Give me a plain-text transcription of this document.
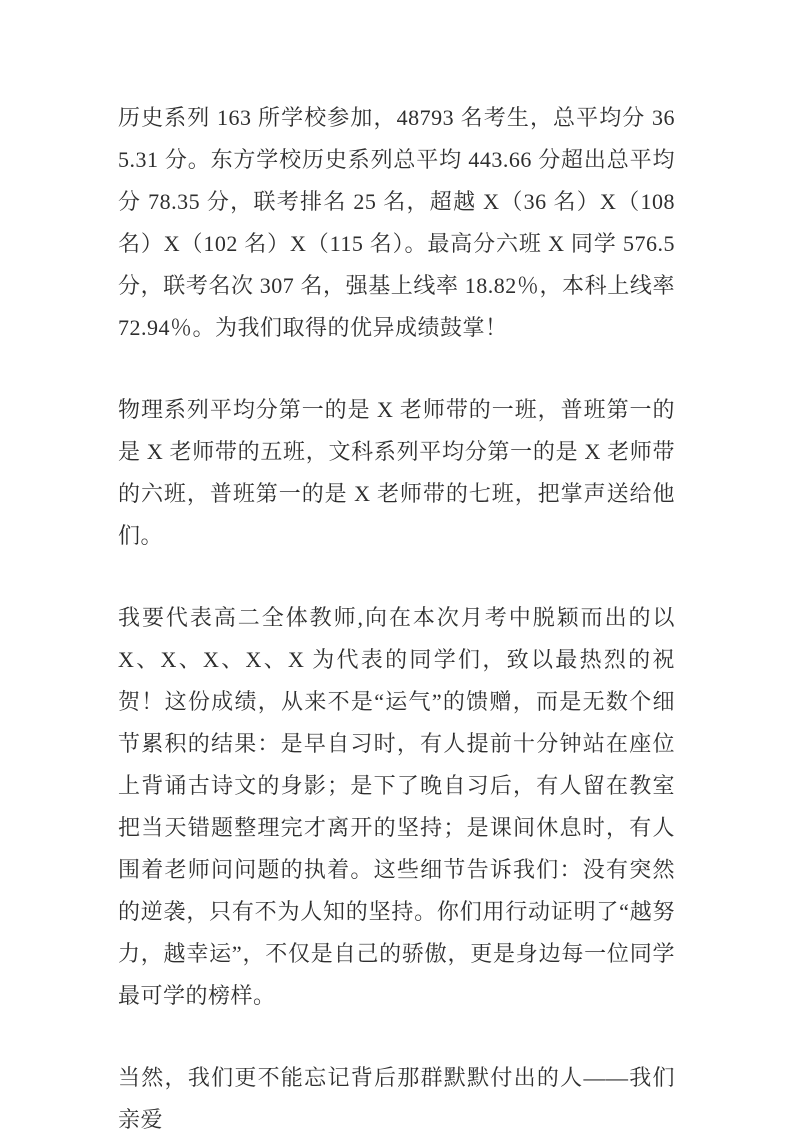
历史系列 163 所学校参加，48793 名考生，总平均分 365.31 分。东方学校历史系列总平均 443.66 分超出总平均分 78.35 分，联考排名 25 名，超越 X（36 名）X（108 名）X（102 名）X（115 名）。最高分六班 X 同学 576.5 分，联考名次 307 名，强基上线率 18.82％，本科上线率 72.94％。为我们取得的优异成绩鼓掌！

物理系列平均分第一的是 X 老师带的一班，普班第一的是 X 老师带的五班，文科系列平均分第一的是 X 老师带的六班，普班第一的是 X 老师带的七班，把掌声送给他们。

我要代表高二全体教师,向在本次月考中脱颖而出的以 X、X、X、X、X 为代表的同学们，致以最热烈的祝贺！这份成绩，从来不是“运气”的馈赠，而是无数个细节累积的结果：是早自习时，有人提前十分钟站在座位上背诵古诗文的身影；是下了晚自习后，有人留在教室把当天错题整理完才离开的坚持；是课间休息时，有人围着老师问问题的执着。这些细节告诉我们：没有突然的逆袭，只有不为人知的坚持。你们用行动证明了“越努力，越幸运”，不仅是自己的骄傲，更是身边每一位同学最可学的榜样。

当然，我们更不能忘记背后那群默默付出的人——我们亲爱
